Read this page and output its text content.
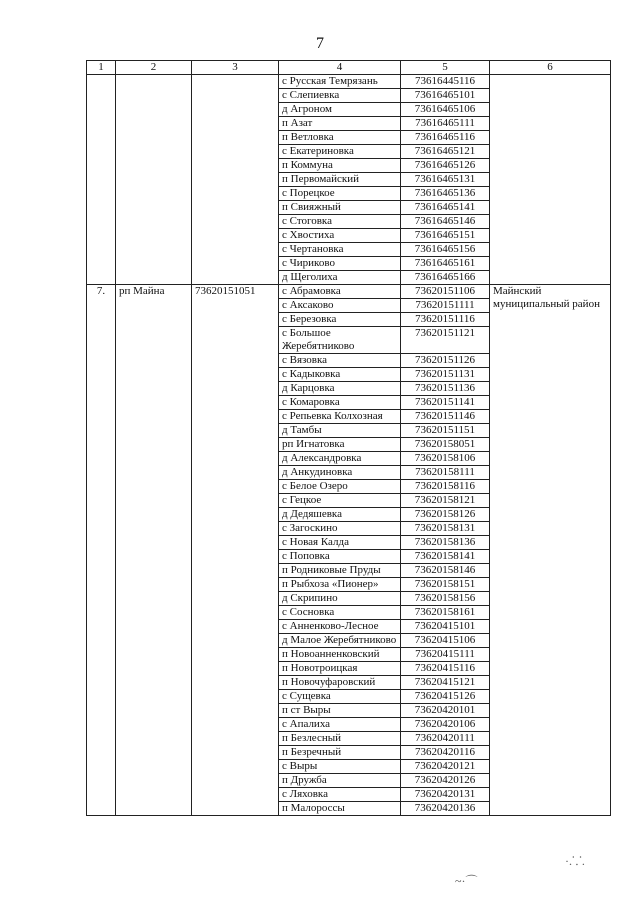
7
1	2	3	4	5	6
			с Русская Темрязань	73616445116	
			с Слепиевка	73616465101	
			д Агроном	73616465106	
			п Азат	73616465111	
			п Ветловка	73616465116	
			с Екатериновка	73616465121	
			п Коммуна	73616465126	
			п Первомайский	73616465131	
			с Порецкое	73616465136	
			п Свияжный	73616465141	
			с Стоговка	73616465146	
			с Хвостиха	73616465151	
			с Чертановка	73616465156	
			с Чириково	73616465161	
			д Щеголиха	73616465166	
7.	рп Майна	73620151051	с Абрамовка	73620151106	Майнский муниципальный район
			с Аксаково	73620151111	
			с Березовка	73620151116	
			с Большое Жеребятниково	73620151121	
			с Вязовка	73620151126	
			с Кадыковка	73620151131	
			д Карцовка	73620151136	
			с Комаровка	73620151141	
			с Репьевка Колхозная	73620151146	
			д Тамбы	73620151151	
			рп Игнатовка	73620158051	
			д Александровка	73620158106	
			д Анкудиновка	73620158111	
			с Белое Озеро	73620158116	
			с Гецкое	73620158121	
			д Дедяшевка	73620158126	
			с Загоскино	73620158131	
			с Новая Калда	73620158136	
			с Поповка	73620158141	
			п Родниковые Пруды	73620158146	
			п Рыбхоза «Пионер»	73620158151	
			д Скрипино	73620158156	
			с Сосновка	73620158161	
			с Анненково-Лесное	73620415101	
			д Малое Жеребятниково	73620415106	
			п Новоанненковский	73620415111	
			п Новотроицкая	73620415116	
			п Новочуфаровский	73620415121	
			с Сущевка	73620415126	
			п ст Выры	73620420101	
			с Апалиха	73620420106	
			п Безлесный	73620420111	
			п Безречный	73620420116	
			с Выры	73620420121	
			п Дружба	73620420126	
			с Ляховка	73620420131	
			п Малороссы	73620420136	
~·⌒
·.⸪.
